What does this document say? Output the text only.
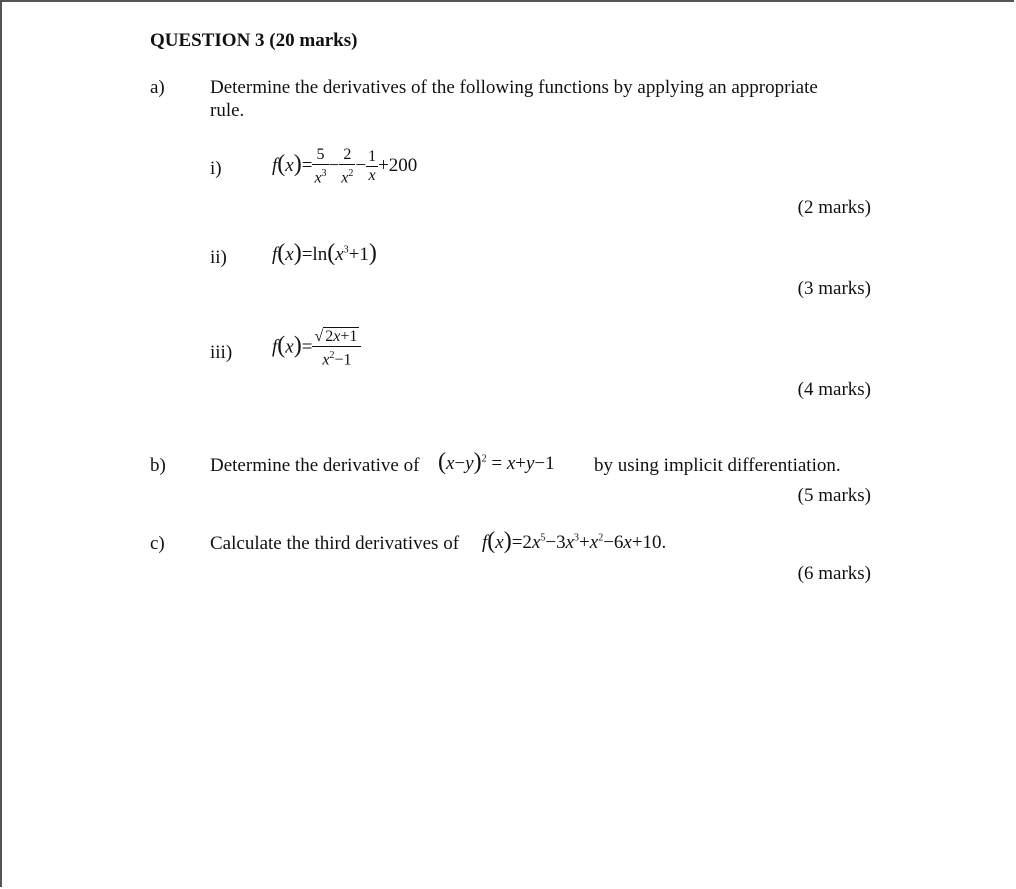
QUESTION 3 (20 marks)
a) Determine the derivatives of the following functions by applying an appropriate
rule.
i)	$f(x)= \frac{5}{x^3} - \frac{2}{x^2} - \frac{1}{x} +200$
(2 marks)
ii) $f(x)=\ln(x^3+1)$
(3 marks)
iii) $f(x)= \frac{√ 2x+1}{x^2-1}$
(4 marks)
b) Determine the derivative of $(x-y)^2 = x+y-1$ by using implicit differentiation.
(5 marks)
c) Calculate the third derivatives of $f(x)=2x^5-3x^3+x^2-6x+10$.
(6 marks)
